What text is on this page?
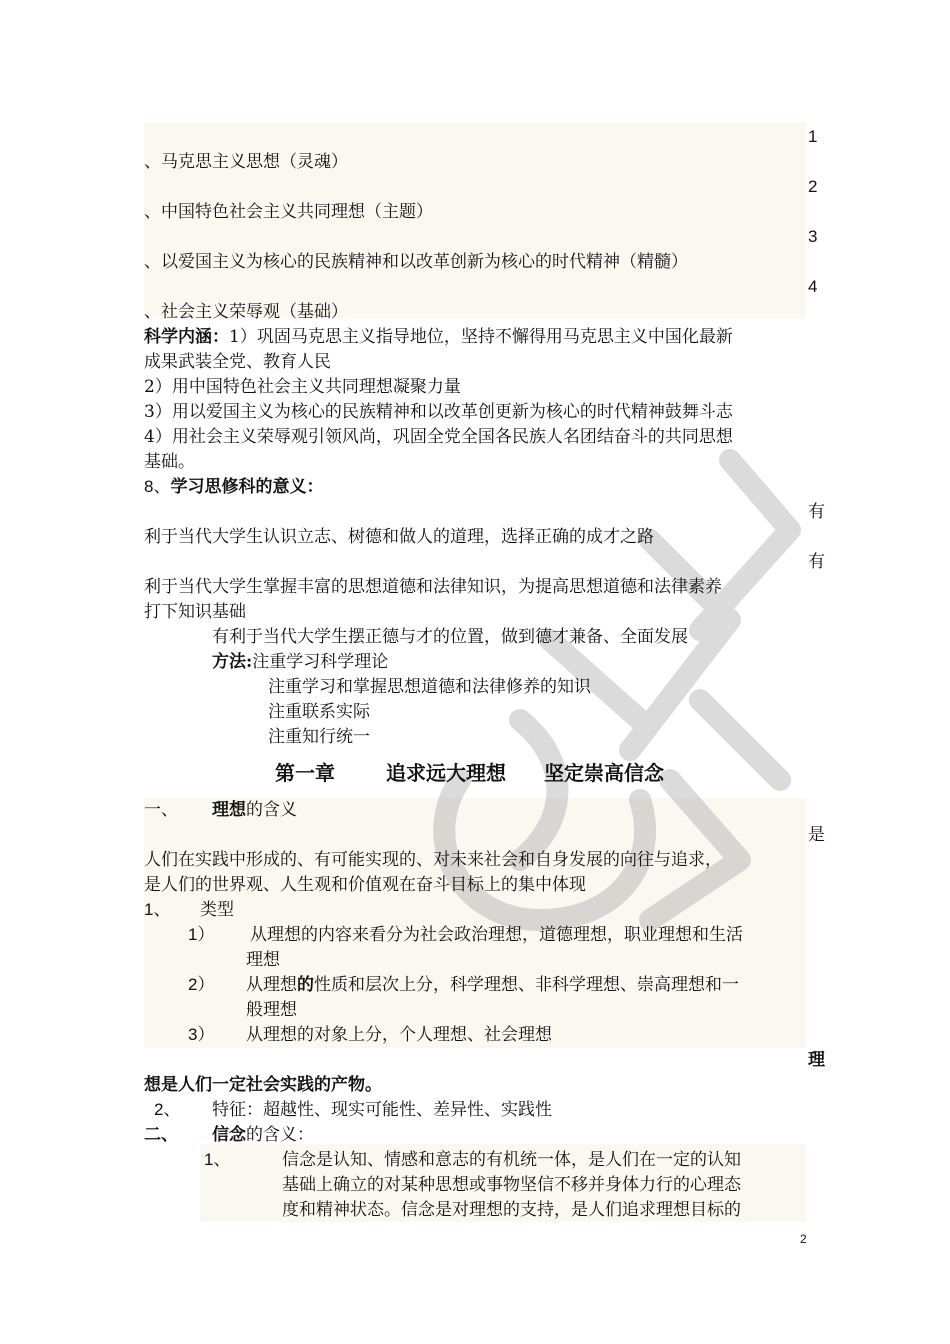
1
、马克思主义思想（灵魂）
2
、中国特色社会主义共同理想（主题）
3
、以爱国主义为核心的民族精神和以改革创新为核心的时代精神（精髓）
4
、社会主义荣辱观（基础）
科学内涵：1）巩固马克思主义指导地位，坚持不懈得用马克思主义中国化最新
成果武装全党、教育人民
2）用中国特色社会主义共同理想凝聚力量
3）用以爱国主义为核心的民族精神和以改革创更新为核心的时代精神鼓舞斗志
4）用社会主义荣辱观引领风尚，巩固全党全国各民族人名团结奋斗的共同思想
基础。
8、学习思修科的意义：
有
利于当代大学生认识立志、树德和做人的道理，选择正确的成才之路
有
利于当代大学生掌握丰富的思想道德和法律知识，为提高思想道德和法律素养
打下知识基础
有利于当代大学生摆正德与才的位置，做到德才兼备、全面发展
方法:注重学习科学理论
注重学习和掌握思想道德和法律修养的知识
注重联系实际
注重知行统一
第一章	追求远大理想 坚定崇高信念
一、 理想的含义
是
人们在实践中形成的、有可能实现的、对未来社会和自身发展的向往与追求，
是人们的世界观、人生观和价值观在奋斗目标上的集中体现
1、 类型
1） 从理想的内容来看分为社会政治理想，道德理想，职业理想和生活
理想
2） 从理想的性质和层次上分，科学理想、非科学理想、崇高理想和一
般理想
3） 从理想的对象上分，个人理想、社会理想
理
想是人们一定社会实践的产物。
2、 特征：超越性、现实可能性、差异性、实践性
二、 信念的含义：
1、	信念是认知、情感和意志的有机统一体，是人们在一定的认知
基础上确立的对某种思想或事物坚信不移并身体力行的心理态
度和精神状态。信念是对理想的支持，是人们追求理想目标的
2
